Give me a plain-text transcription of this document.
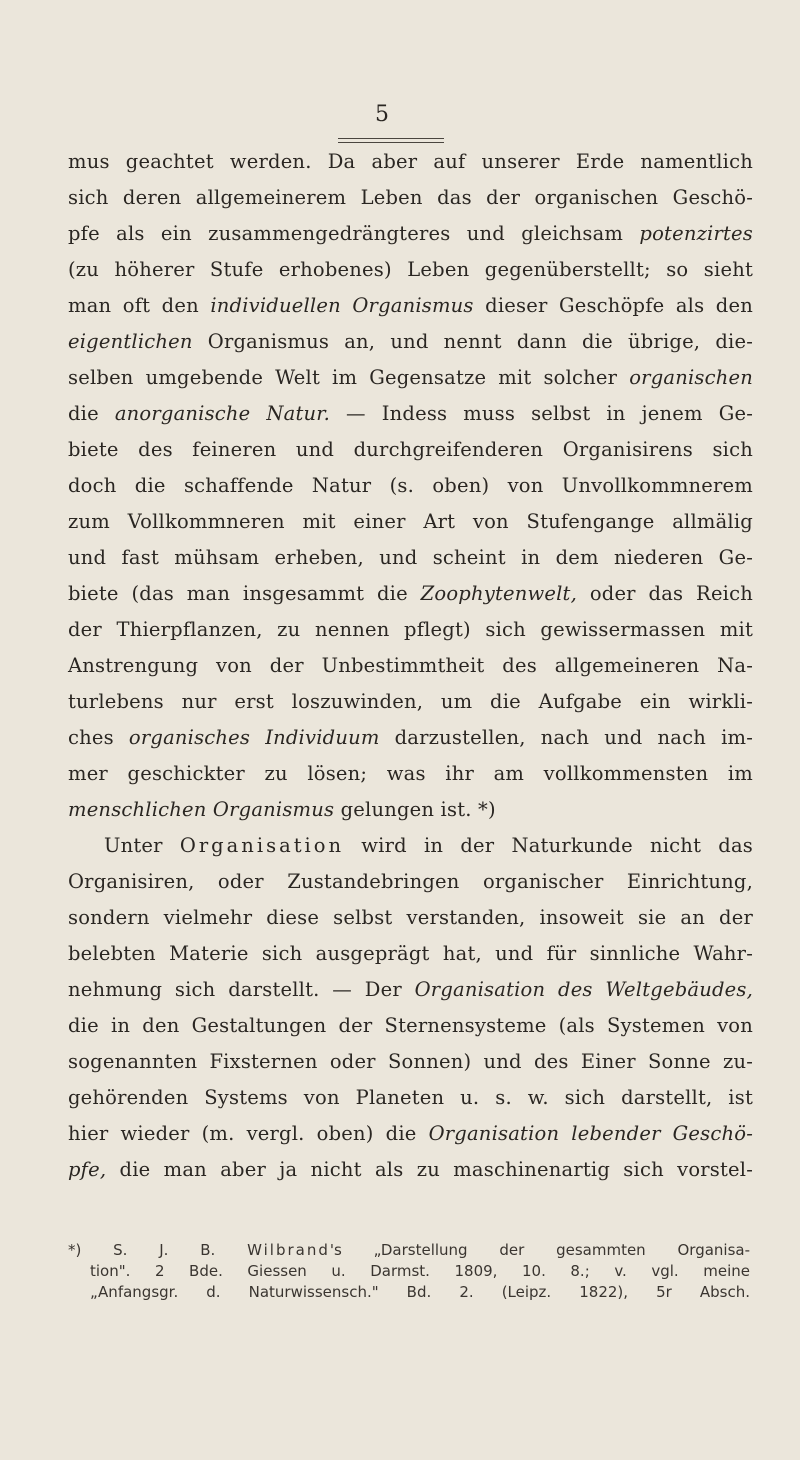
5
mus geachtet werden. Da aber auf unserer Erde namentlich
sich deren allgemeinerem Leben das der organischen Geschö-
pfe als ein zusammengedrängteres und gleichsam potenzirtes
(zu höherer Stufe erhobenes) Leben gegenüberstellt; so sieht
man oft den individuellen Organismus dieser Geschöpfe als den
eigentlichen Organismus an, und nennt dann die übrige, die-
selben umgebende Welt im Gegensatze mit solcher organischen
die anorganische Natur. — Indess muss selbst in jenem Ge-
biete des feineren und durchgreifenderen Organisirens sich
doch die schaffende Natur (s. oben) von Unvollkommnerem
zum Vollkommneren mit einer Art von Stufengange allmälig
und fast mühsam erheben, und scheint in dem niederen Ge-
biete (das man insgesammt die Zoophytenwelt, oder das Reich
der Thierpflanzen, zu nennen pflegt) sich gewissermassen mit
Anstrengung von der Unbestimmtheit des allgemeineren Na-
turlebens nur erst loszuwinden, um die Aufgabe ein wirkli-
ches organisches Individuum darzustellen, nach und nach im-
mer geschickter zu lösen; was ihr am vollkommensten im
menschlichen Organismus gelungen ist. *)
Unter Organisation wird in der Naturkunde nicht das
Organisiren, oder Zustandebringen organischer Einrichtung,
sondern vielmehr diese selbst verstanden, insoweit sie an der
belebten Materie sich ausgeprägt hat, und für sinnliche Wahr-
nehmung sich darstellt. — Der Organisation des Weltgebäudes,
die in den Gestaltungen der Sternensysteme (als Systemen von
sogenannten Fixsternen oder Sonnen) und des Einer Sonne zu-
gehörenden Systems von Planeten u. s. w. sich darstellt, ist
hier wieder (m. vergl. oben) die Organisation lebender Geschö-
pfe, die man aber ja nicht als zu maschinenartig sich vorstel-
*) S. J. B. Wilbrand's „Darstellung der gesammten Organisa-
tion". 2 Bde. Giessen u. Darmst. 1809, 10. 8.; v. vgl. meine
„Anfangsgr. d. Naturwissensch." Bd. 2. (Leipz. 1822), 5r Absch.
